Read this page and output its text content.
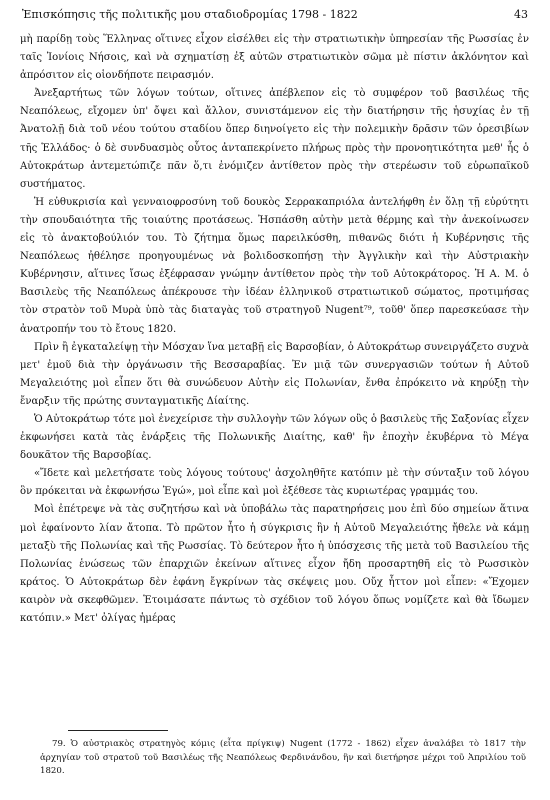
Ἐπισκόπησις τῆς πολιτικῆς μου σταδιοδρομίας 1798 - 1822	43

μὴ παρίδῃ τοὺς Ἕλληνας οἵτινες εἶχον εἰσέλθει εἰς τὴν στρατιωτικὴν ὑπηρεσίαν τῆς Ρωσσίας ἐν ταῖς Ἰονίοις Νήσοις, καὶ νὰ σχηματίσῃ ἐξ αὐτῶν στρατιωτικὸν σῶμα μὲ πίστιν ἀκλόνητον καὶ ἀπρόσιτον εἰς οἱονδήποτε πειρασμόν.

Ἀνεξαρτήτως τῶν λόγων τούτων, οἵτινες ἀπέβλεπον εἰς τὸ συμφέρον τοῦ βασιλέως τῆς Νεαπόλεως, εἴχομεν ὑπ' ὄψει καὶ ἄλλον, συνιστάμενον εἰς τὴν διατήρησιν τῆς ἡσυχίας ἐν τῇ Ἀνατολῇ διὰ τοῦ νέου τούτου σταδίου ὅπερ διηνοίγετο εἰς τὴν πολεμικὴν δρᾶσιν τῶν ὀρεσιβίων τῆς Ἑλλάδος· ὁ δὲ συνδυασμὸς οὗτος ἀνταπεκρίνετο πλήρως πρὸς τὴν προνοητικότητα μεθ' ἧς ὁ Αὐτοκράτωρ ἀντεμετώπιζε πᾶν ὅ,τι ἐνόμιζεν ἀντίθετον πρὸς τὴν στερέωσιν τοῦ εὐρωπαϊκοῦ συστήματος.

Ἡ εὐθυκρισία καὶ γενναιοφροσύνη τοῦ δουκὸς Σερρακαπριόλα ἀντελήφθη ἐν ὅλῃ τῇ εὐρύτητι τὴν σπουδαιότητα τῆς τοιαύτης προτάσεως. Ἠσπάσθη αὐτὴν μετὰ θέρμης καὶ τὴν ἀνεκοίνωσεν εἰς τὸ ἀνακτοβούλιόν του. Τὸ ζήτημα ὅμως παρειλκύσθη, πιθανῶς διότι ἡ Κυβέρνησις τῆς Νεαπόλεως ἠθέλησε προηγουμένως νὰ βολιδοσκοπήσῃ τὴν Ἀγγλικὴν καὶ τὴν Αὐστριακὴν Κυβέρνησιν, αἵτινες ἴσως ἐξέφρασαν γνώμην ἀντίθετον πρὸς τὴν τοῦ Αὐτοκράτορος. Ἡ Α. Μ. ὁ Βασιλεὺς τῆς Νεαπόλεως ἀπέκρουσε τὴν ἰδέαν ἑλληνικοῦ στρατιωτικοῦ σώματος, προτιμήσας τὸν στρατὸν τοῦ Μυρὰ ὑπὸ τὰς διαταγὰς τοῦ στρατηγοῦ Nugent⁷⁹, τοῦθ' ὅπερ παρεσκεύασε τὴν ἀνατροπήν του τὸ ἔτους 1820.

Πρὶν ἢ ἐγκαταλείψῃ τὴν Μόσχαν ἵνα μεταβῇ εἰς Βαρσοβίαν, ὁ Αὐτοκράτωρ συνειργάζετο συχνὰ μετ' ἐμοῦ διὰ τὴν ὀργάνωσιν τῆς Βεσσαραβίας. Ἐν μιᾷ τῶν συνεργασιῶν τούτων ἡ Αὐτοῦ Μεγαλειότης μοὶ εἶπεν ὅτι θὰ συνώδευον Αὐτὴν εἰς Πολωνίαν, ἔνθα ἐπρόκειτο νὰ κηρύξῃ τὴν ἔναρξιν τῆς πρώτης συνταγματικῆς Δίαίτης.

Ὁ Αὐτοκράτωρ τότε μοὶ ἐνεχείρισε τὴν συλλογὴν τῶν λόγων οὓς ὁ βασιλεὺς τῆς Σαξονίας εἶχεν ἐκφωνήσει κατὰ τὰς ἐνάρξεις τῆς Πολωνικῆς Διαίτης, καθ' ἣν ἐποχὴν ἐκυβέρνα τὸ Μέγα δουκᾶτον τῆς Βαρσοβίας.

«Ἴδετε καὶ μελετήσατε τοὺς λόγους τούτους' ἀσχοληθῆτε κατόπιν μὲ τὴν σύνταξιν τοῦ λόγου ὃν πρόκειται νὰ ἐκφωνήσω Ἐγώ», μοὶ εἶπε καὶ μοὶ ἐξέθεσε τὰς κυριωτέρας γραμμάς του.

Μοὶ ἐπέτρεψε νὰ τὰς συζητήσω καὶ νὰ ὑποβάλω τὰς παρατηρήσεις μου ἐπὶ δύο σημείων ἅτινα μοὶ ἐφαίνοντο λίαν ἄτοπα. Τὸ πρῶτον ἦτο ἡ σύγκρισις ἣν ἡ Αὐτοῦ Μεγαλειότης ἤθελε νὰ κάμῃ μεταξὺ τῆς Πολωνίας καὶ τῆς Ρωσσίας. Τὸ δεύτερον ἦτο ἡ ὑπόσχεσις τῆς μετὰ τοῦ Βασιλείου τῆς Πολωνίας ἑνώσεως τῶν ἐπαρχιῶν ἐκείνων αἵτινες εἶχον ἤδη προσαρτηθῆ εἰς τὸ Ρωσσικὸν κράτος. Ὁ Αὐτοκράτωρ δὲν ἐφάνη ἔγκρίνων τὰς σκέψεις μου. Οὔχ ἧττον μοὶ εἶπεν: «Ἔχομεν καιρὸν νὰ σκεφθῶμεν. Ἑτοιμάσατε πάντως τὸ σχέδιον τοῦ λόγου ὅπως νομίζετε καὶ θὰ ἴδωμεν κατόπιν.» Μετ' ὀλίγας ἡμέρας

79. Ὁ αὐστριακὸς στρατηγὸς κόμις (εἶτα πρίγκιψ) Nugent (1772 - 1862) εἶχεν ἀναλάβει τὸ 1817 τὴν ἀρχηγίαν τοῦ στρατοῦ τοῦ Βασιλέως τῆς Νεαπόλεως Φερδινάνδου, ἣν καὶ διετήρησε μέχρι τοῦ Ἀπριλίου τοῦ 1820.
